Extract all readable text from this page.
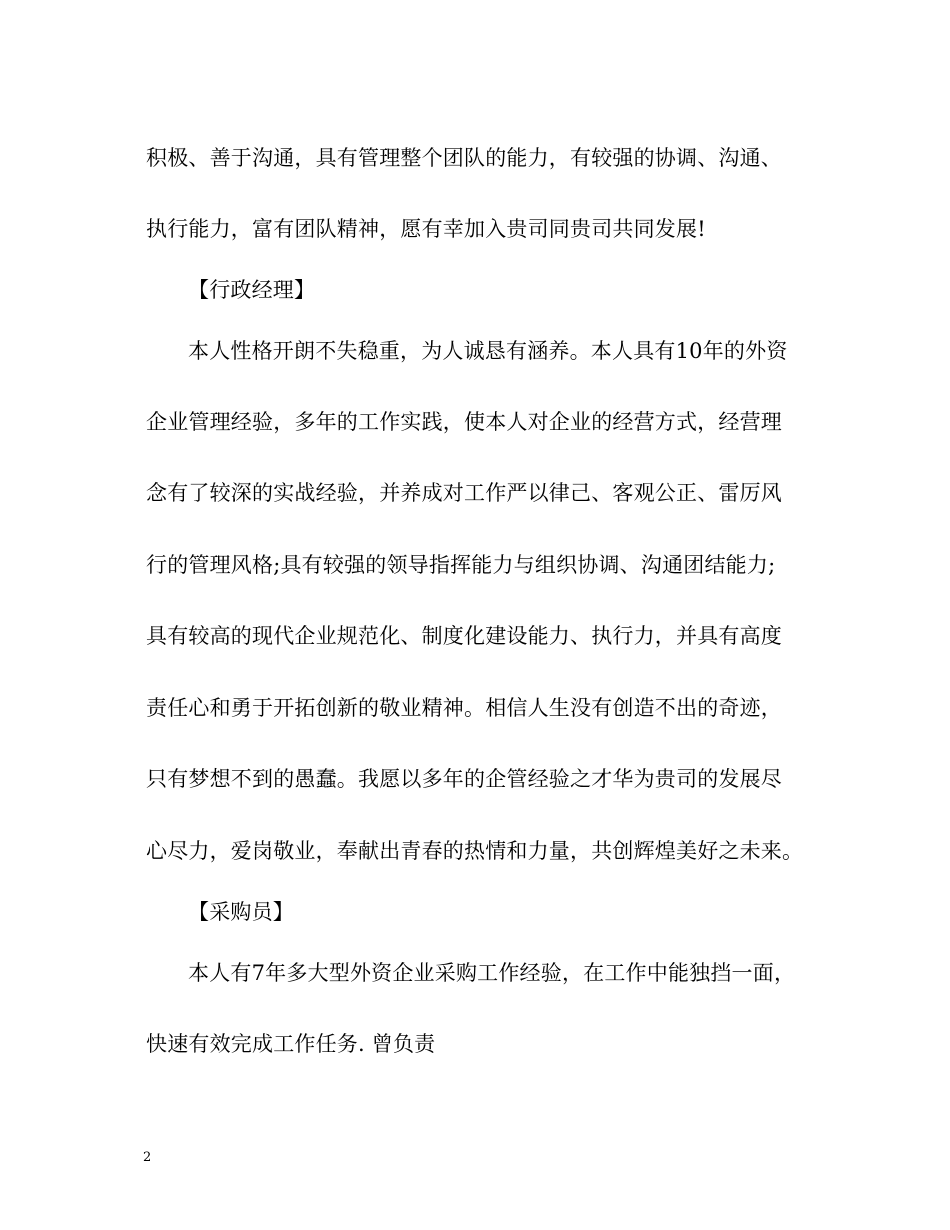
积极、善于沟通，具有管理整个团队的能力，有较强的协调、沟通、
执行能力，富有团队精神，愿有幸加入贵司同贵司共同发展!
【行政经理】
本人性格开朗不失稳重，为人诚恳有涵养。本人具有10年的外资
企业管理经验，多年的工作实践，使本人对企业的经营方式，经营理
念有了较深的实战经验，并养成对工作严以律己、客观公正、雷厉风
行的管理风格;具有较强的领导指挥能力与组织协调、沟通团结能力;
具有较高的现代企业规范化、制度化建设能力、执行力，并具有高度
责任心和勇于开拓创新的敬业精神。相信人生没有创造不出的奇迹，
只有梦想不到的愚蠢。我愿以多年的企管经验之才华为贵司的发展尽
心尽力，爱岗敬业，奉献出青春的热情和力量，共创辉煌美好之未来。
【采购员】
本人有7年多大型外资企业采购工作经验，在工作中能独挡一面，
快速有效完成工作任务. 曾负责
2
